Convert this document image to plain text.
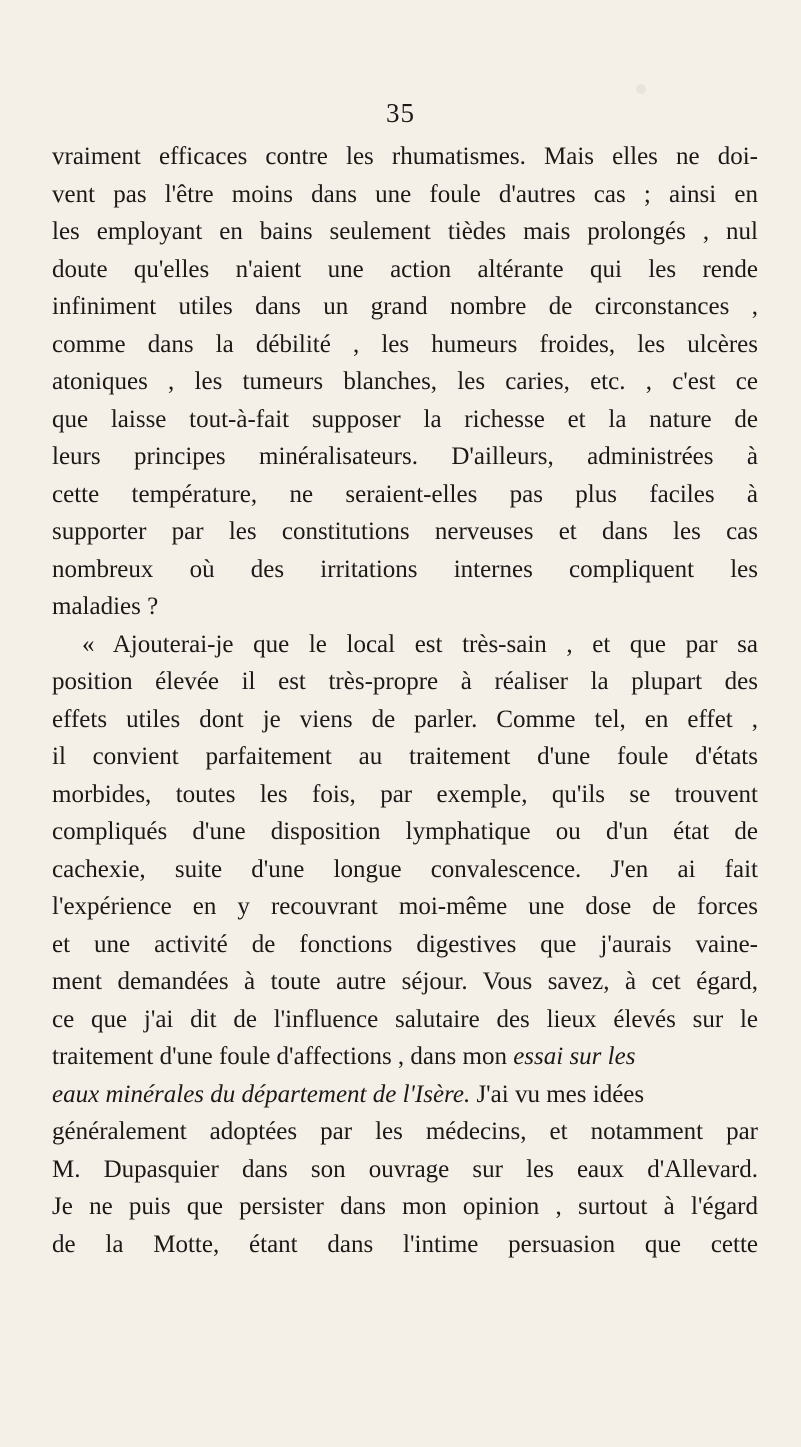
35
vraiment efficaces contre les rhumatismes. Mais elles ne doi-
vent pas l'être moins dans une foule d'autres cas ; ainsi en
les employant en bains seulement tièdes mais prolongés , nul
doute qu'elles n'aient une action altérante qui les rende
infiniment utiles dans un grand nombre de circonstances ,
comme dans la débilité , les humeurs froides, les ulcères
atoniques , les tumeurs blanches, les caries, etc. , c'est ce
que laisse tout-à-fait supposer la richesse et la nature de
leurs principes minéralisateurs. D'ailleurs, administrées à
cette température, ne seraient-elles pas plus faciles à
supporter par les constitutions nerveuses et dans les cas
nombreux où des irritations internes compliquent les
maladies ?
« Ajouterai-je que le local est très-sain , et que par sa
position élevée il est très-propre à réaliser la plupart des
effets utiles dont je viens de parler. Comme tel, en effet ,
il convient parfaitement au traitement d'une foule d'états
morbides, toutes les fois, par exemple, qu'ils se trouvent
compliqués d'une disposition lymphatique ou d'un état de
cachexie, suite d'une longue convalescence. J'en ai fait
l'expérience en y recouvrant moi-même une dose de forces
et une activité de fonctions digestives que j'aurais vaine-
ment demandées à toute autre séjour. Vous savez, à cet égard,
ce que j'ai dit de l'influence salutaire des lieux élevés sur le
traitement d'une foule d'affections , dans mon essai sur les
eaux minérales du département de l'Isère. J'ai vu mes idées
généralement adoptées par les médecins, et notamment par
M. Dupasquier dans son ouvrage sur les eaux d'Allevard.
Je ne puis que persister dans mon opinion , surtout à l'égard
de la Motte, étant dans l'intime persuasion que cette
